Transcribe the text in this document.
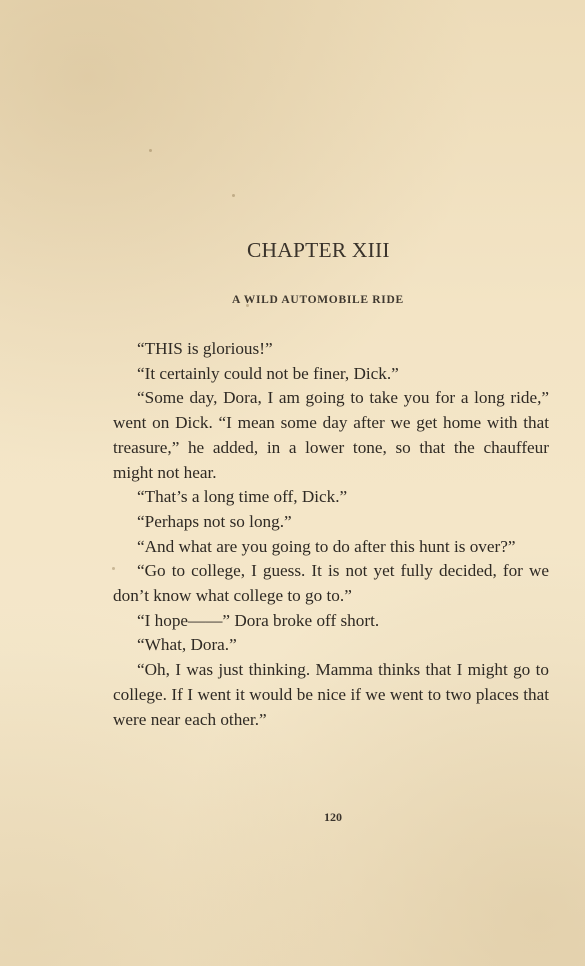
CHAPTER XIII
A WILD AUTOMOBILE RIDE

“THIS is glorious!”

“It certainly could not be finer, Dick.”

“Some day, Dora, I am going to take you for a long ride,” went on Dick. “I mean some day after we get home with that treasure,” he added, in a lower tone, so that the chauffeur might not hear.

“That’s a long time off, Dick.”

“Perhaps not so long.”

“And what are you going to do after this hunt is over?”

“Go to college, I guess. It is not yet fully decided, for we don’t know what college to go to.”

“I hope——” Dora broke off short.

“What, Dora.”

“Oh, I was just thinking. Mamma thinks that I might go to college. If I went it would be nice if we went to two places that were near each other.”

120
